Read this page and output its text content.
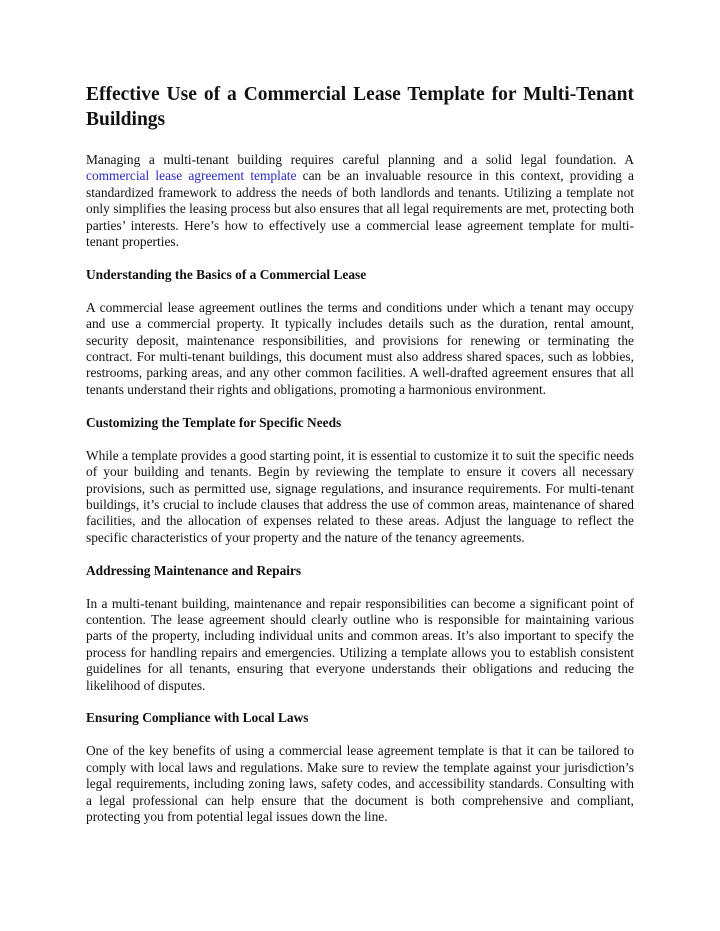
Effective Use of a Commercial Lease Template for Multi-Tenant Buildings

Managing a multi-tenant building requires careful planning and a solid legal foundation. A commercial lease agreement template can be an invaluable resource in this context, providing a standardized framework to address the needs of both landlords and tenants. Utilizing a template not only simplifies the leasing process but also ensures that all legal requirements are met, protecting both parties’ interests. Here’s how to effectively use a commercial lease agreement template for multi-tenant properties.

Understanding the Basics of a Commercial Lease

A commercial lease agreement outlines the terms and conditions under which a tenant may occupy and use a commercial property. It typically includes details such as the duration, rental amount, security deposit, maintenance responsibilities, and provisions for renewing or terminating the contract. For multi-tenant buildings, this document must also address shared spaces, such as lobbies, restrooms, parking areas, and any other common facilities. A well-drafted agreement ensures that all tenants understand their rights and obligations, promoting a harmonious environment.

Customizing the Template for Specific Needs

While a template provides a good starting point, it is essential to customize it to suit the specific needs of your building and tenants. Begin by reviewing the template to ensure it covers all necessary provisions, such as permitted use, signage regulations, and insurance requirements. For multi-tenant buildings, it’s crucial to include clauses that address the use of common areas, maintenance of shared facilities, and the allocation of expenses related to these areas. Adjust the language to reflect the specific characteristics of your property and the nature of the tenancy agreements.

Addressing Maintenance and Repairs

In a multi-tenant building, maintenance and repair responsibilities can become a significant point of contention. The lease agreement should clearly outline who is responsible for maintaining various parts of the property, including individual units and common areas. It’s also important to specify the process for handling repairs and emergencies. Utilizing a template allows you to establish consistent guidelines for all tenants, ensuring that everyone understands their obligations and reducing the likelihood of disputes.

Ensuring Compliance with Local Laws

One of the key benefits of using a commercial lease agreement template is that it can be tailored to comply with local laws and regulations. Make sure to review the template against your jurisdiction’s legal requirements, including zoning laws, safety codes, and accessibility standards. Consulting with a legal professional can help ensure that the document is both comprehensive and compliant, protecting you from potential legal issues down the line.
